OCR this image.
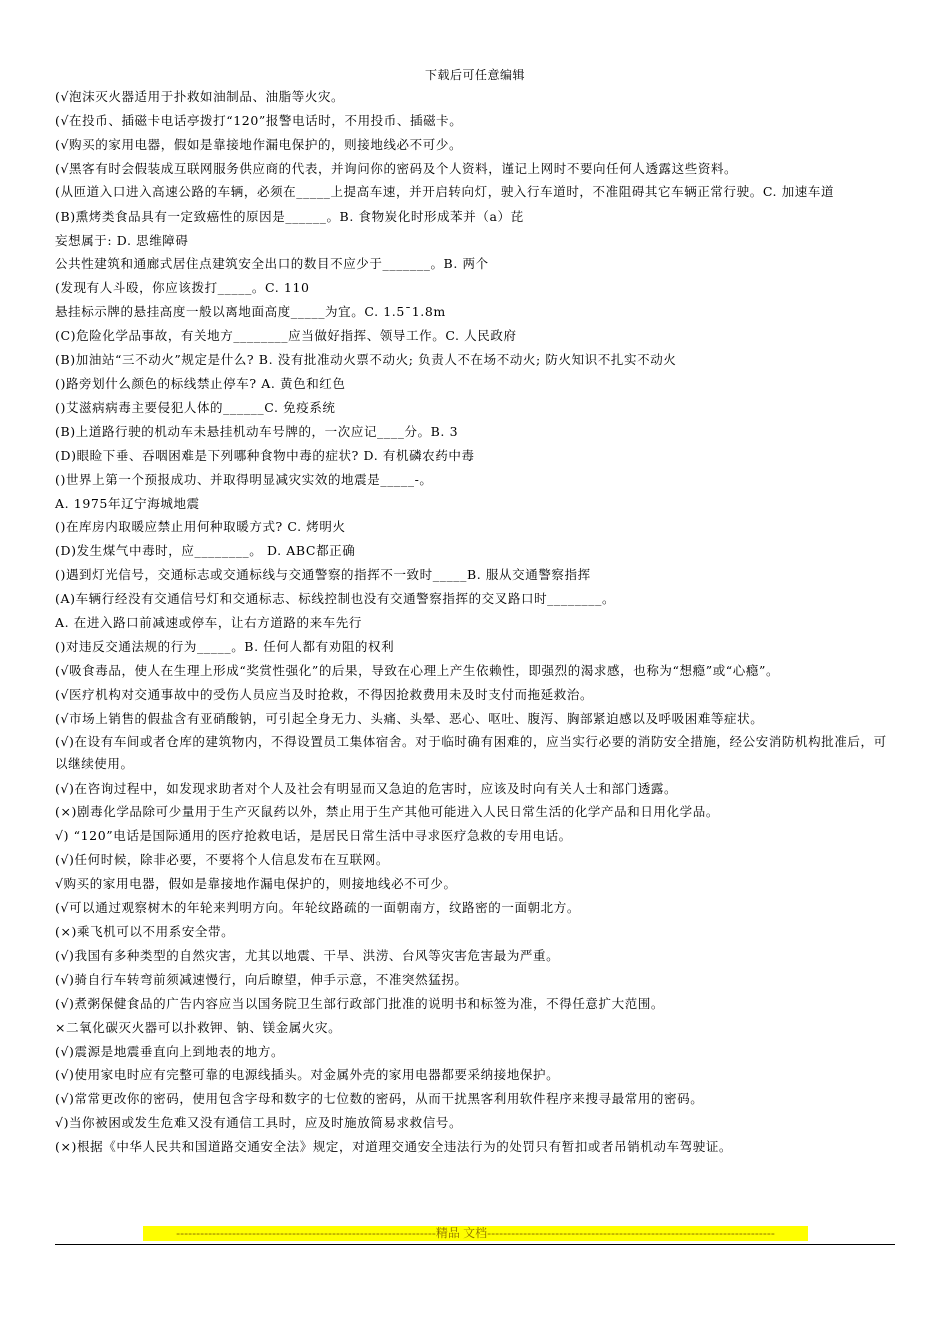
下载后可任意编辑
(√泡沫灭火器适用于扑救如油制品、油脂等火灾。
(√在投币、插磁卡电话亭拨打“120”报警电话时，不用投币、插磁卡。
(√购买的家用电器，假如是靠接地作漏电保护的，则接地线必不可少。
(√黑客有时会假装成互联网服务供应商的代表，并询问你的密码及个人资料，谨记上网时不要向任何人透露这些资料。
(从匝道入口进入高速公路的车辆，必须在_____上提高车速，并开启转向灯，驶入行车道时，不准阻碍其它车辆正常行驶。C. 加速车道
(B)熏烤类食品具有一定致癌性的原因是______。B. 食物炭化时形成苯并（a）芘
妄想属于: D. 思维障碍
公共性建筑和通廊式居住点建筑安全出口的数目不应少于_______。B. 两个
(发现有人斗殴，你应该拨打_____。C. 110
悬挂标示牌的悬挂高度一般以离地面高度_____为宜。C. 1.5¯1.8m
(C)危险化学品事故，有关地方________应当做好指挥、领导工作。C. 人民政府
(B)加油站“三不动火”规定是什么? B. 没有批准动火票不动火; 负责人不在场不动火; 防火知识不扎实不动火
()路旁划什么颜色的标线禁止停车? A. 黄色和红色
()艾滋病病毒主要侵犯人体的______C. 免疫系统
(B)上道路行驶的机动车未悬挂机动车号牌的，一次应记____分。B. 3
(D)眼睑下垂、吞咽困难是下列哪种食物中毒的症状? D. 有机磷农药中毒
()世界上第一个预报成功、并取得明显减灾实效的地震是_____-。
A. 1975年辽宁海城地震
()在库房内取暖应禁止用何种取暖方式? C. 烤明火
(D)发生煤气中毒时，应________。 D. ABC都正确
()遇到灯光信号，交通标志或交通标线与交通警察的指挥不一致时_____B. 服从交通警察指挥
(A)车辆行经没有交通信号灯和交通标志、标线控制也没有交通警察指挥的交叉路口时________。
A. 在进入路口前减速或停车，让右方道路的来车先行
()对违反交通法规的行为_____。B. 任何人都有劝阻的权利
(√吸食毒品，使人在生理上形成“奖赏性强化”的后果，导致在心理上产生依赖性，即强烈的渴求感，也称为“想瘾”或“心瘾”。
(√医疗机构对交通事故中的受伤人员应当及时抢救，不得因抢救费用未及时支付而拖延救治。
(√市场上销售的假盐含有亚硝酸钠，可引起全身无力、头痛、头晕、恶心、呕吐、腹泻、胸部紧迫感以及呼吸困难等症状。
(√)在设有车间或者仓库的建筑物内，不得设置员工集体宿舍。对于临时确有困难的，应当实行必要的消防安全措施，经公安消防机构批准后，可以继续使用。
(√)在咨询过程中，如发现求助者对个人及社会有明显而又急迫的危害时，应该及时向有关人士和部门透露。
(×)剧毒化学品除可少量用于生产灭鼠药以外，禁止用于生产其他可能进入人民日常生活的化学产品和日用化学品。
√) “120”电话是国际通用的医疗抢救电话，是居民日常生活中寻求医疗急救的专用电话。
(√)任何时候，除非必要，不要将个人信息发布在互联网。
√购买的家用电器，假如是靠接地作漏电保护的，则接地线必不可少。
(√可以通过观察树木的年轮来判明方向。年轮纹路疏的一面朝南方，纹路密的一面朝北方。
(×)乘飞机可以不用系安全带。
(√)我国有多种类型的自然灾害，尤其以地震、干旱、洪涝、台风等灾害危害最为严重。
(√)骑自行车转弯前须减速慢行，向后瞭望，伸手示意，不准突然猛拐。
(√)煮粥保健食品的广告内容应当以国务院卫生部行政部门批准的说明书和标签为准，不得任意扩大范围。
×二氧化碳灭火器可以扑救钾、钠、镁金属火灾。
(√)震源是地震垂直向上到地表的地方。
(√)使用家电时应有完整可靠的电源线插头。对金属外壳的家用电器都要采纳接地保护。
(√)常常更改你的密码，使用包含字母和数字的七位数的密码，从而干扰黑客利用软件程序来搜寻最常用的密码。
√)当你被困或发生危难又没有通信工具时，应及时施放简易求救信号。
(×)根据《中华人民共和国道路交通安全法》规定，对道理交通安全违法行为的处罚只有暂扣或者吊销机动车驾驶证。
-----------------------------------------------------------------精品 文档------------------------------------------------------------------------
